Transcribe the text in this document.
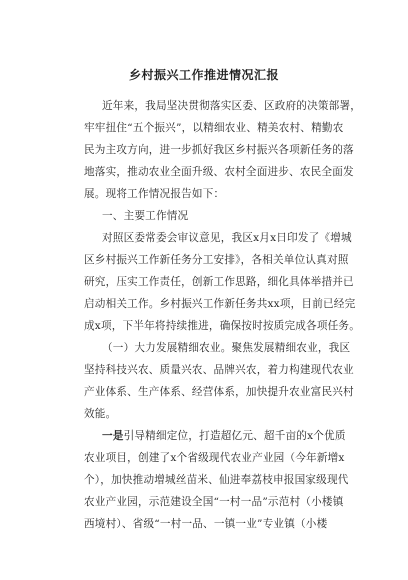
乡村振兴工作推进情况汇报
近年来，我局坚决贯彻落实区委、区政府的决策部署，
牢牢扭住“五个振兴”，以精细农业、精美农村、精勤农
民为主攻方向，进一步抓好我区乡村振兴各项新任务的落
地落实，推动农业全面升级、农村全面进步、农民全面发
展。现将工作情况报告如下：
一、主要工作情况
对照区委常委会审议意见，我区x月x日印发了《增城
区乡村振兴工作新任务分工安排》，各相关单位认真对照
研究，压实工作责任，创新工作思路，细化具体举措并已
启动相关工作。乡村振兴工作新任务共xx项，目前已经完
成x项，下半年将持续推进，确保按时按质完成各项任务。
（一）大力发展精细农业。聚焦发展精细农业，我区
坚持科技兴农、质量兴农、品牌兴农，着力构建现代农业
产业体系、生产体系、经营体系，加快提升农业富民兴村
效能。
一是引导精细定位，打造超亿元、超千亩的x个优质
农业项目，创建了x个省级现代农业产业园（今年新增x
个），加快推动增城丝苗米、仙进奉荔枝申报国家级现代
农业产业园，示范建设全国“一村一品”示范村（小楼镇
西境村）、省级“一村一品、一镇一业”专业镇（小楼
